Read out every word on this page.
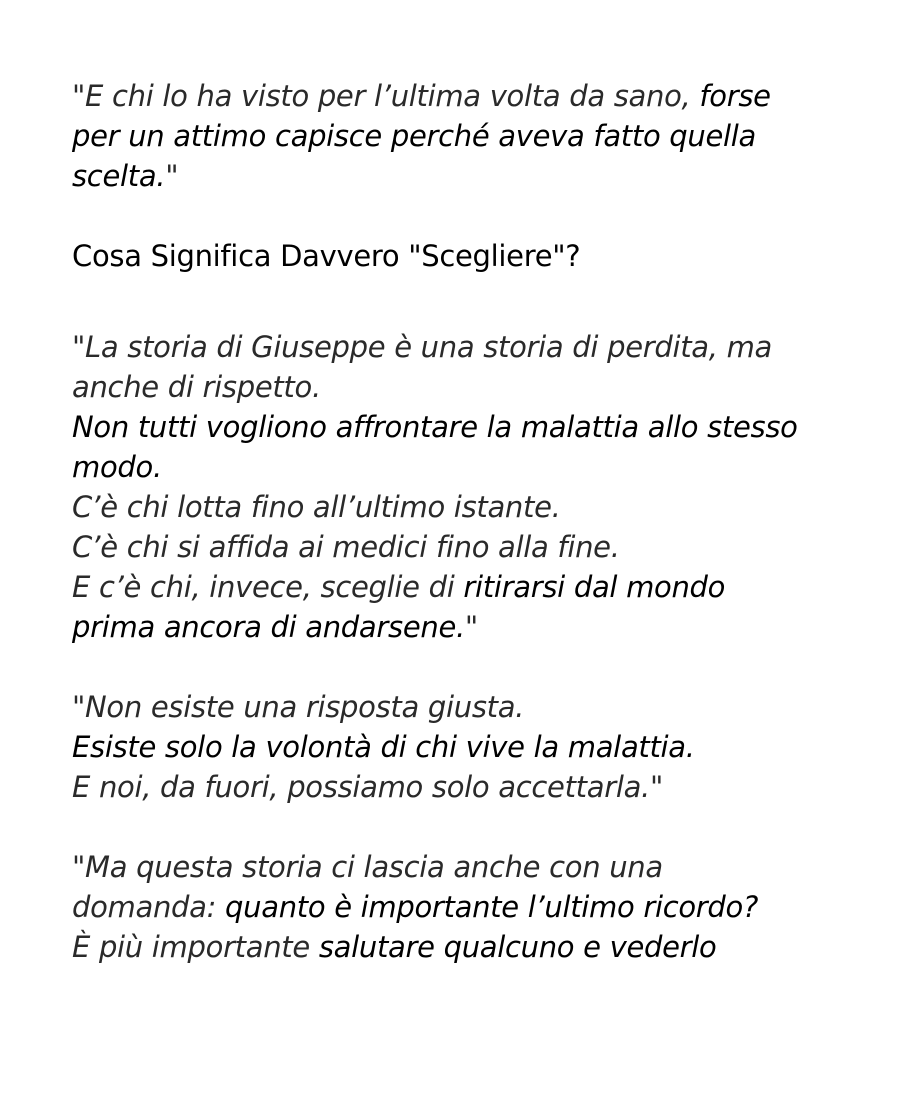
"E chi lo ha visto per l’ultima volta da sano, forse
per un attimo capisce perché aveva fatto quella
scelta."

Cosa Significa Davvero "Scegliere"?

"La storia di Giuseppe è una storia di perdita, ma
anche di rispetto.
Non tutti vogliono affrontare la malattia allo stesso
modo.
C’è chi lotta fino all’ultimo istante.
C’è chi si affida ai medici fino alla fine.
E c’è chi, invece, sceglie di ritirarsi dal mondo
prima ancora di andarsene."

"Non esiste una risposta giusta.
Esiste solo la volontà di chi vive la malattia.
E noi, da fuori, possiamo solo accettarla."

"Ma questa storia ci lascia anche con una
domanda: quanto è importante l’ultimo ricordo?
È più importante salutare qualcuno e vederlo
